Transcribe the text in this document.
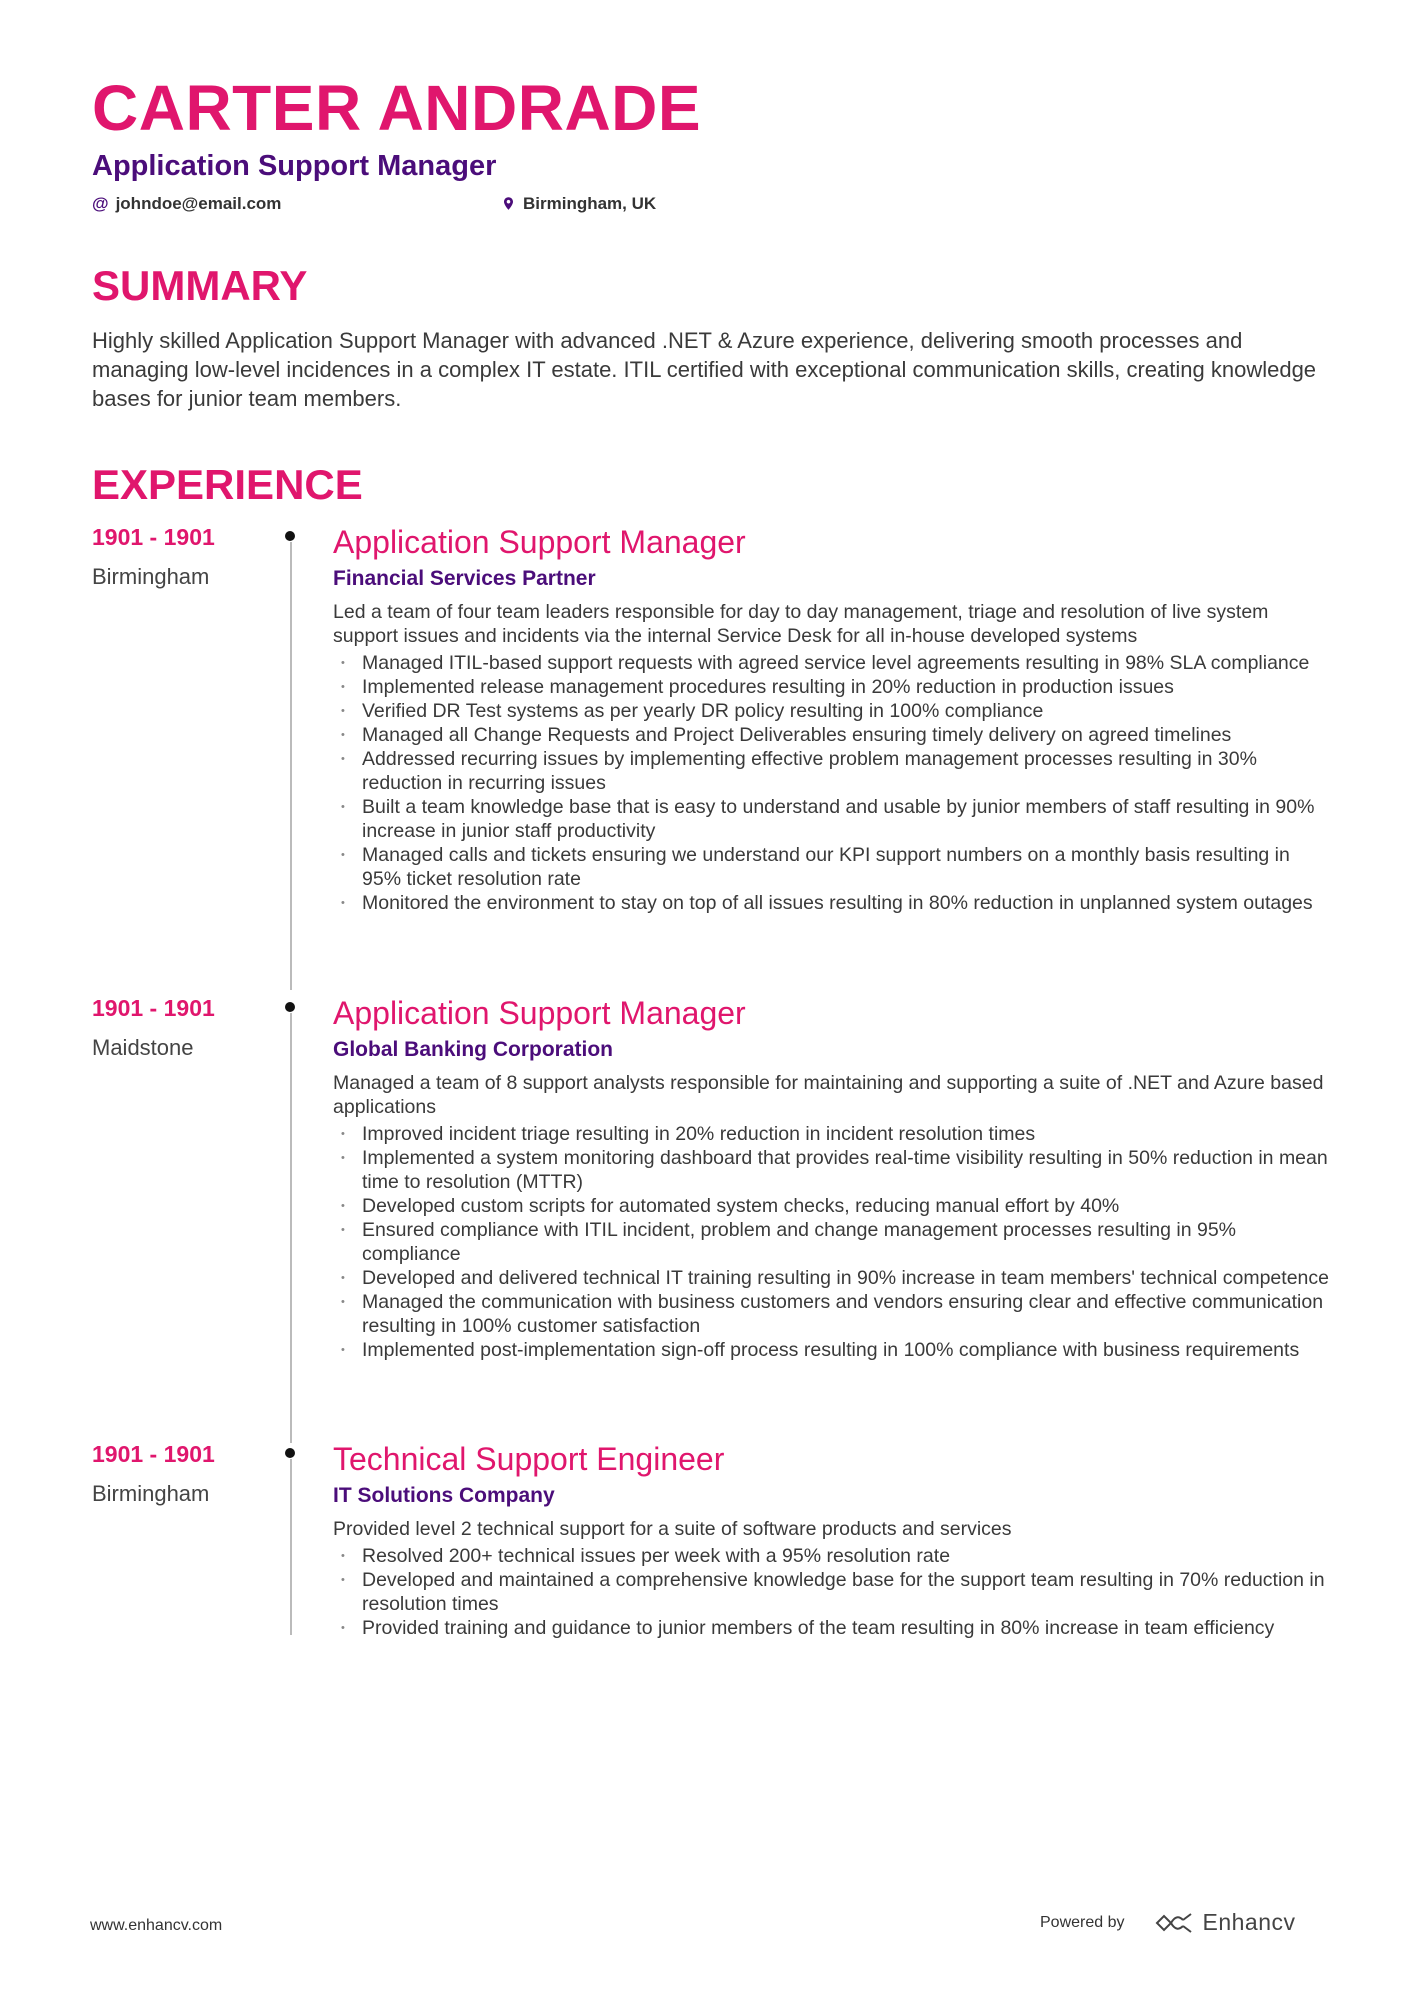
CARTER ANDRADE
Application Support Manager
@ johndoe@email.com	Birmingham, UK
SUMMARY
Highly skilled Application Support Manager with advanced .NET & Azure experience, delivering smooth processes and managing low-level incidences in a complex IT estate. ITIL certified with exceptional communication skills, creating knowledge bases for junior team members.
EXPERIENCE
1901 - 1901
Birmingham
Application Support Manager
Financial Services Partner
Led a team of four team leaders responsible for day to day management, triage and resolution of live system support issues and incidents via the internal Service Desk for all in-house developed systems
• Managed ITIL-based support requests with agreed service level agreements resulting in 98% SLA compliance
• Implemented release management procedures resulting in 20% reduction in production issues
• Verified DR Test systems as per yearly DR policy resulting in 100% compliance
• Managed all Change Requests and Project Deliverables ensuring timely delivery on agreed timelines
• Addressed recurring issues by implementing effective problem management processes resulting in 30% reduction in recurring issues
• Built a team knowledge base that is easy to understand and usable by junior members of staff resulting in 90% increase in junior staff productivity
• Managed calls and tickets ensuring we understand our KPI support numbers on a monthly basis resulting in 95% ticket resolution rate
• Monitored the environment to stay on top of all issues resulting in 80% reduction in unplanned system outages
1901 - 1901
Maidstone
Application Support Manager
Global Banking Corporation
Managed a team of 8 support analysts responsible for maintaining and supporting a suite of .NET and Azure based applications
• Improved incident triage resulting in 20% reduction in incident resolution times
• Implemented a system monitoring dashboard that provides real-time visibility resulting in 50% reduction in mean time to resolution (MTTR)
• Developed custom scripts for automated system checks, reducing manual effort by 40%
• Ensured compliance with ITIL incident, problem and change management processes resulting in 95% compliance
• Developed and delivered technical IT training resulting in 90% increase in team members' technical competence
• Managed the communication with business customers and vendors ensuring clear and effective communication resulting in 100% customer satisfaction
• Implemented post-implementation sign-off process resulting in 100% compliance with business requirements
1901 - 1901
Birmingham
Technical Support Engineer
IT Solutions Company
Provided level 2 technical support for a suite of software products and services
• Resolved 200+ technical issues per week with a 95% resolution rate
• Developed and maintained a comprehensive knowledge base for the support team resulting in 70% reduction in resolution times
• Provided training and guidance to junior members of the team resulting in 80% increase in team efficiency
www.enhancv.com	Powered by	Enhancv
